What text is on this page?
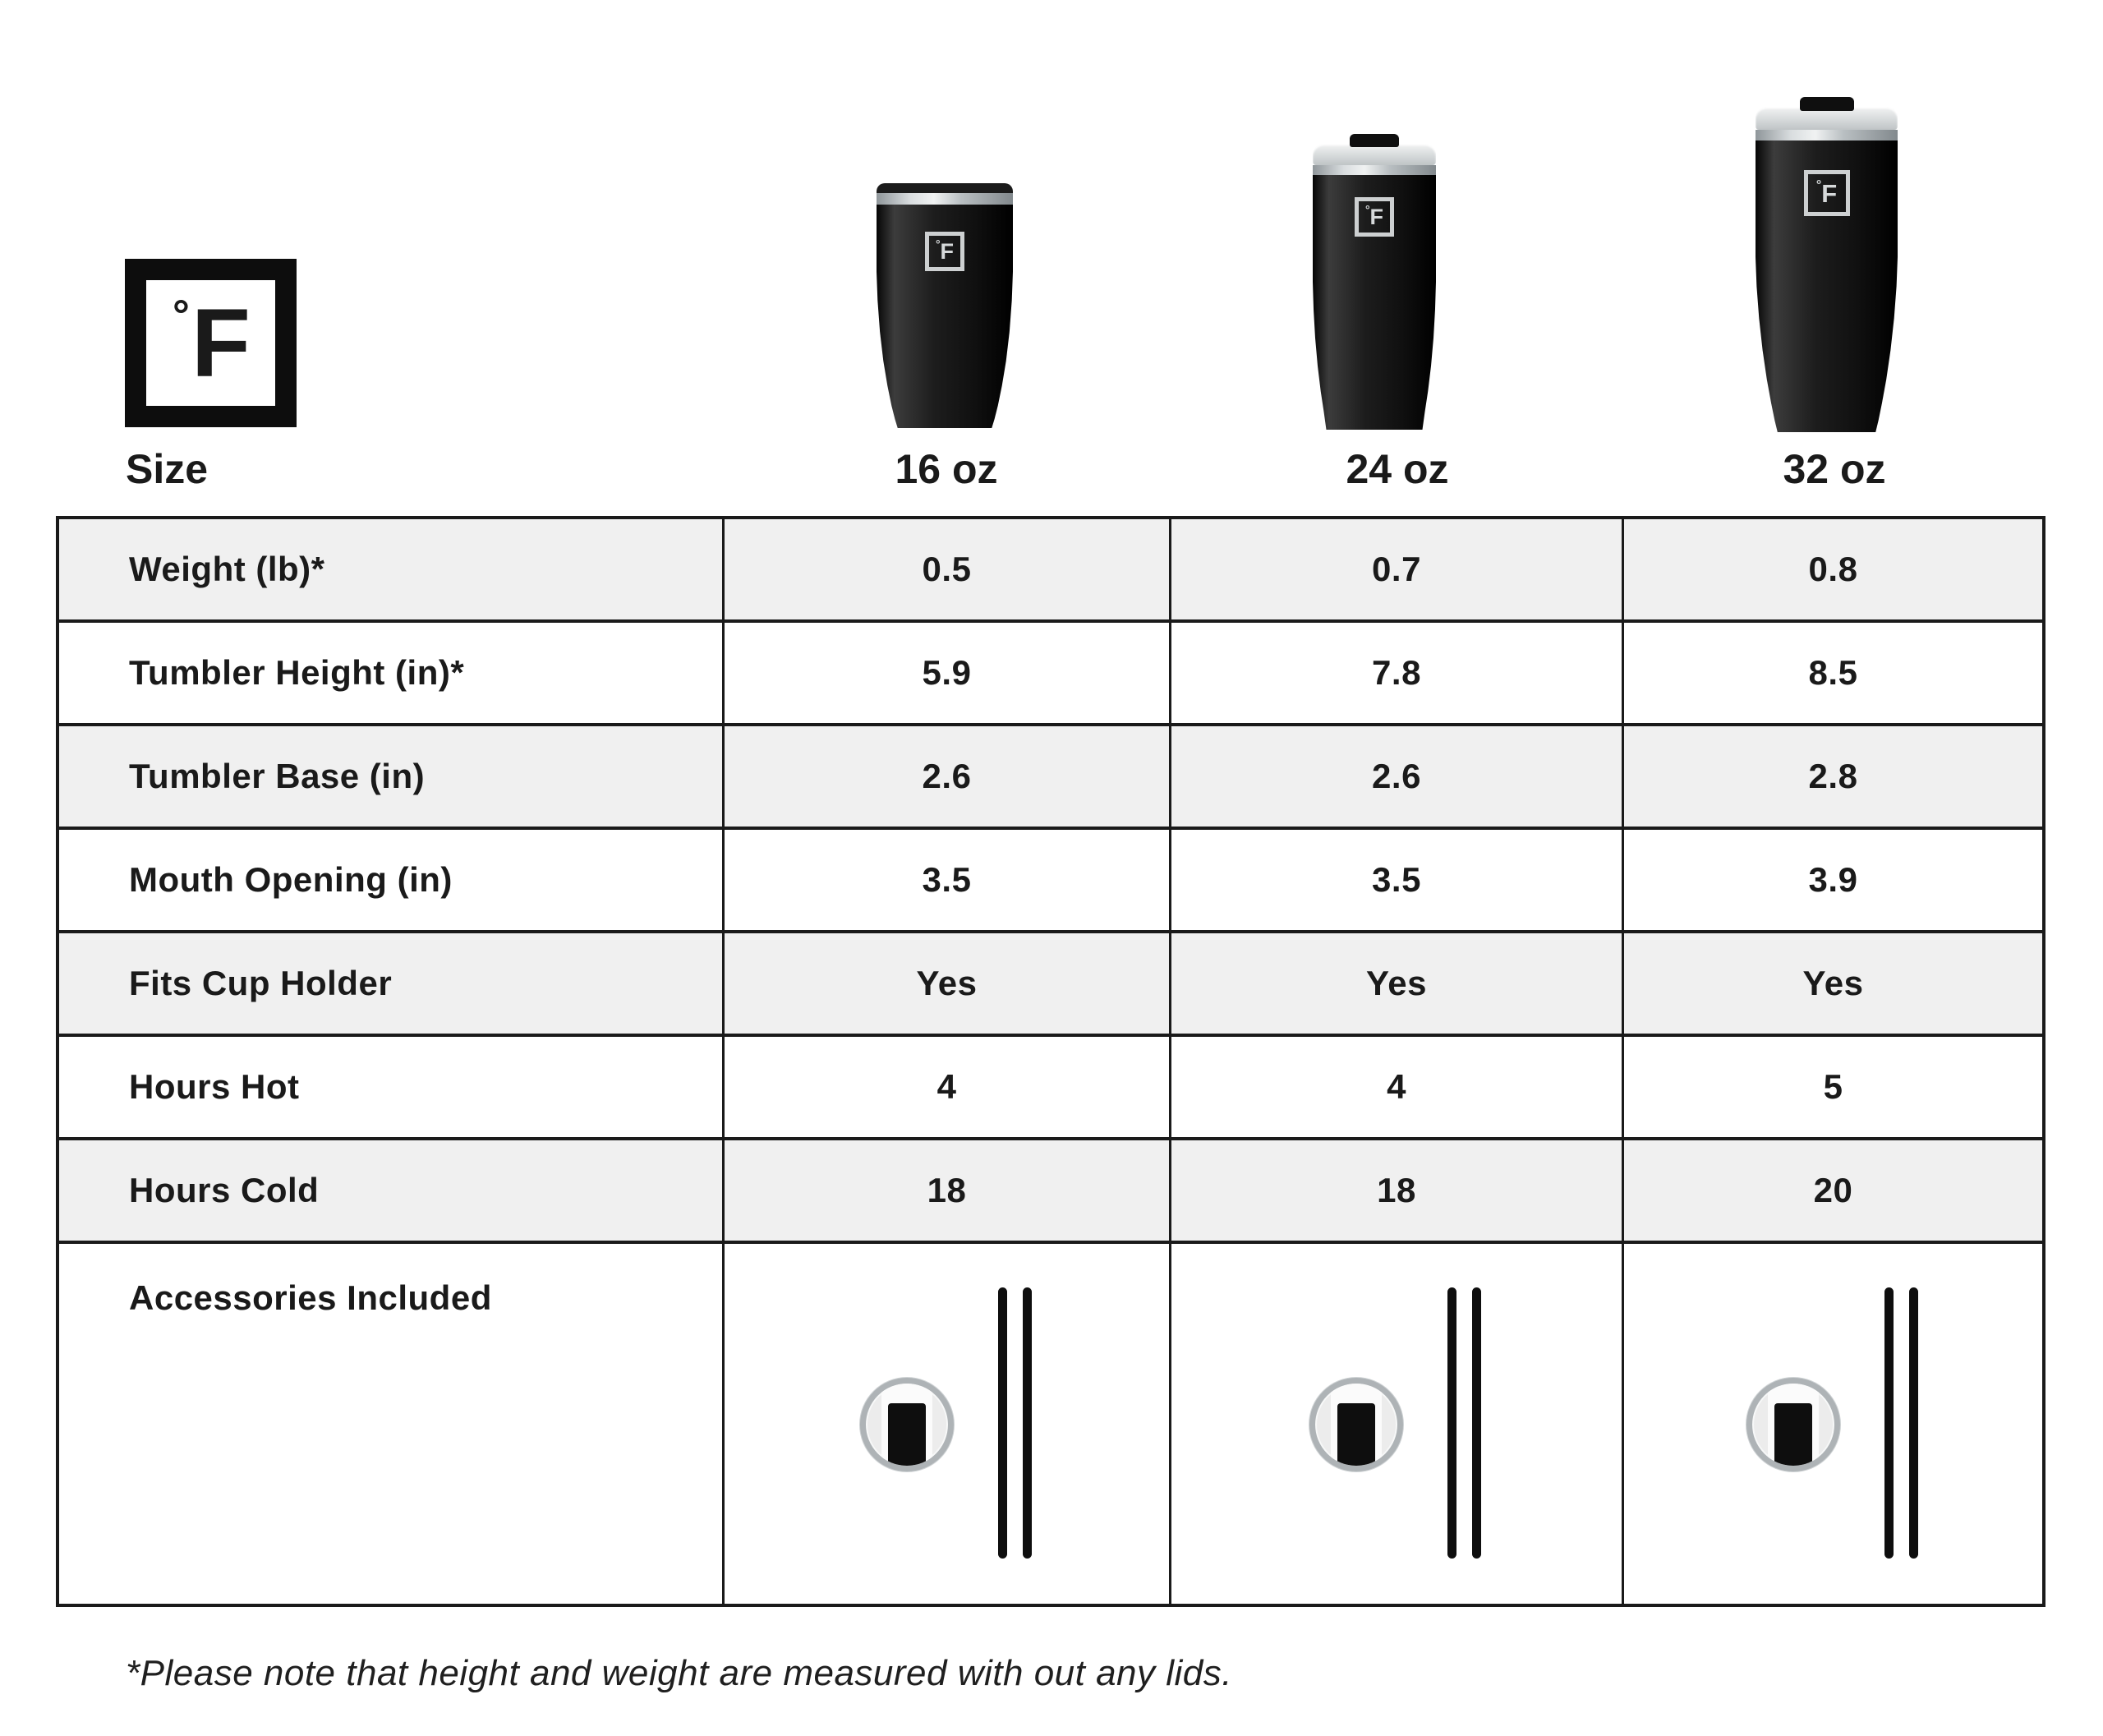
° F
° F
° F
° F
Size	16 oz	24 oz	32 oz
Weight (lb)*	0.5	0.7	0.8
Tumbler Height (in)*	5.9	7.8	8.5
Tumbler Base (in)	2.6	2.6	2.8
Mouth Opening (in)	3.5	3.5	3.9
Fits Cup Holder	Yes	Yes	Yes
Hours Hot	4	4	5
Hours Cold	18	18	20
Accessories Included
*Please note that height and weight are measured with out any lids.
